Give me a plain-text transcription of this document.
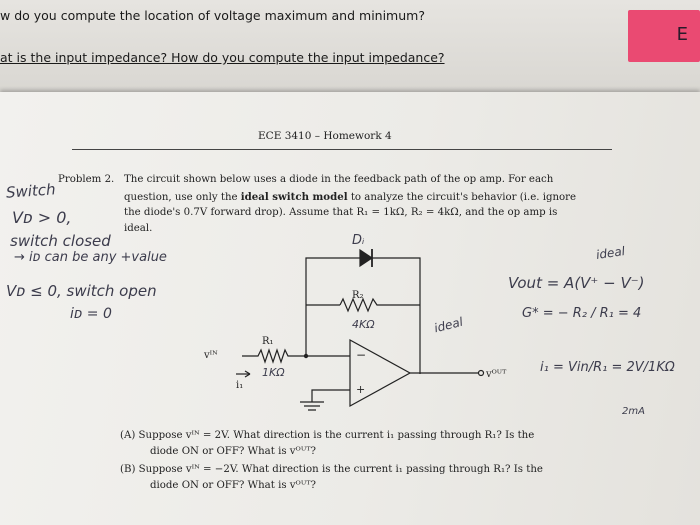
w do you compute the location of voltage maximum and minimum?
at is the input impedance? How do you compute the input impedance?
E
ECE 3410 – Homework 4
Problem 2. The circuit shown below uses a diode in the feedback path of the op amp. For each
question, use only the ideal switch model to analyze the circuit's behavior (i.e. ignore
the diode's 0.7V forward drop). Assume that R₁ = 1kΩ, R₂ = 4kΩ, and the op amp is
ideal.
(A) Suppose vᴵᴺ = 2V. What direction is the current i₁ passing through R₁? Is the
diode ON or OFF? What is vᴼᵁᵀ?
(B) Suppose vᴵᴺ = −2V. What direction is the current i₁ passing through R₁? Is the
diode ON or OFF? What is vᴼᵁᵀ?
Switch
Vᴅ > 0,
switch closed
→ iᴅ can be any +value
Vᴅ ≤ 0, switch open
iᴅ = 0
ideal
Vout = A(V⁺ − V⁻)
G* = − R₂ / R₁ = 4
ideal
i₁ = Vin/R₁ = 2V/1KΩ
2mA
R₂
R₁
vᴵᴺ
i₁
vᴼᵁᵀ
−
+
Dᵢ
4KΩ
1KΩ
